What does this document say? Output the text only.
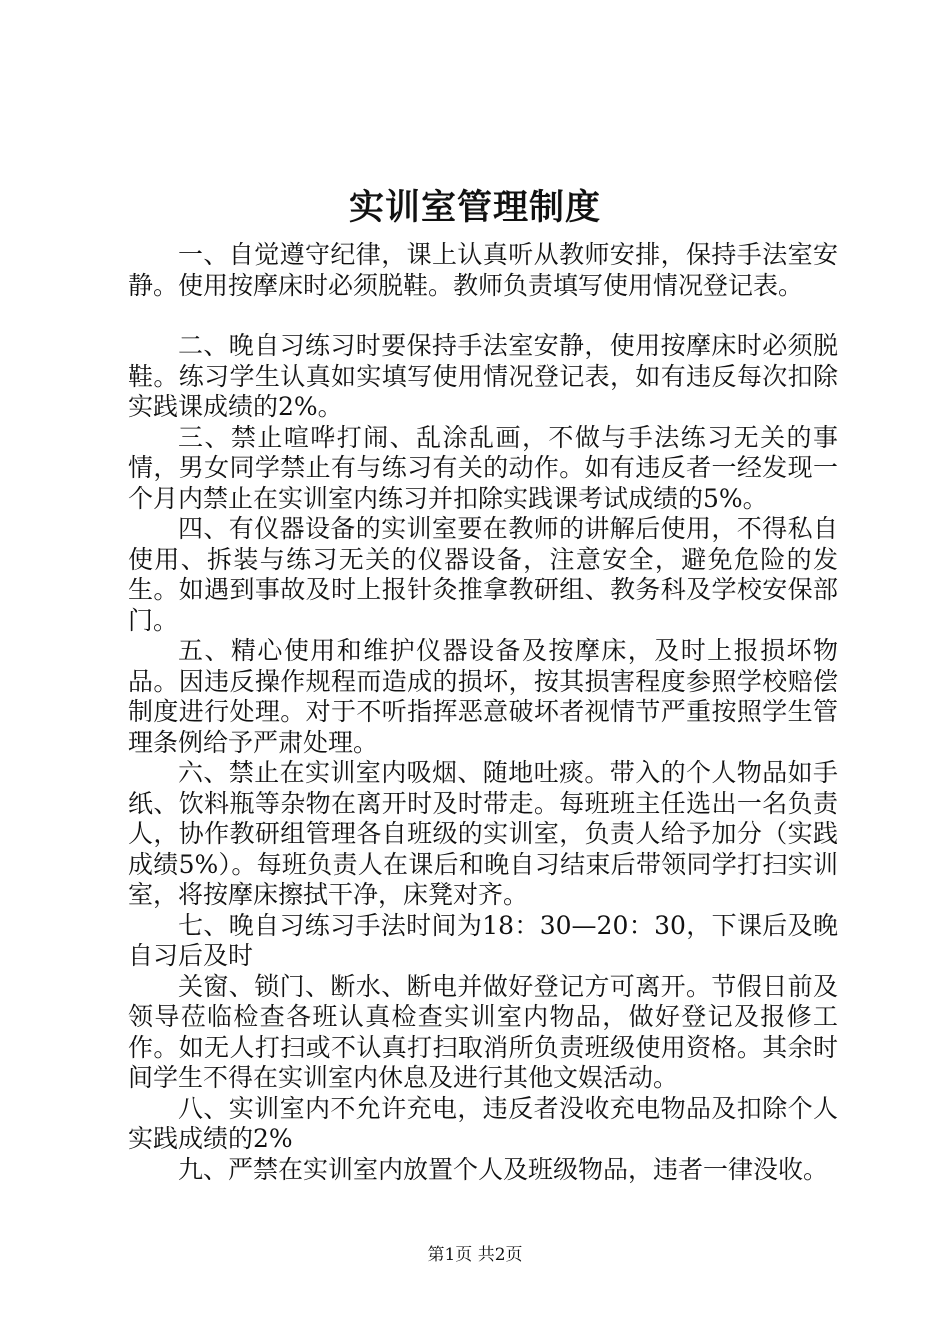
实训室管理制度

一、自觉遵守纪律，课上认真听从教师安排，保持手法室安静。使用按摩床时必须脱鞋。教师负责填写使用情况登记表。

二、晚自习练习时要保持手法室安静，使用按摩床时必须脱鞋。练习学生认真如实填写使用情况登记表，如有违反每次扣除实践课成绩的2%。

三、禁止喧哗打闹、乱涂乱画，不做与手法练习无关的事情，男女同学禁止有与练习有关的动作。如有违反者一经发现一个月内禁止在实训室内练习并扣除实践课考试成绩的5%。

四、有仪器设备的实训室要在教师的讲解后使用，不得私自使用、拆装与练习无关的仪器设备，注意安全，避免危险的发生。如遇到事故及时上报针灸推拿教研组、教务科及学校安保部门。

五、精心使用和维护仪器设备及按摩床，及时上报损坏物品。因违反操作规程而造成的损坏，按其损害程度参照学校赔偿制度进行处理。对于不听指挥恶意破坏者视情节严重按照学生管理条例给予严肃处理。

六、禁止在实训室内吸烟、随地吐痰。带入的个人物品如手纸、饮料瓶等杂物在离开时及时带走。每班班主任选出一名负责人，协作教研组管理各自班级的实训室，负责人给予加分（实践成绩5%）。每班负责人在课后和晚自习结束后带领同学打扫实训室，将按摩床擦拭干净，床凳对齐。

七、晚自习练习手法时间为18：30—20：30，下课后及晚自习后及时

关窗、锁门、断水、断电并做好登记方可离开。节假日前及领导莅临检查各班认真检查实训室内物品，做好登记及报修工作。如无人打扫或不认真打扫取消所负责班级使用资格。其余时间学生不得在实训室内休息及进行其他文娱活动。

八、实训室内不允许充电，违反者没收充电物品及扣除个人实践成绩的2%

九、严禁在实训室内放置个人及班级物品，违者一律没收。

第1页 共2页
